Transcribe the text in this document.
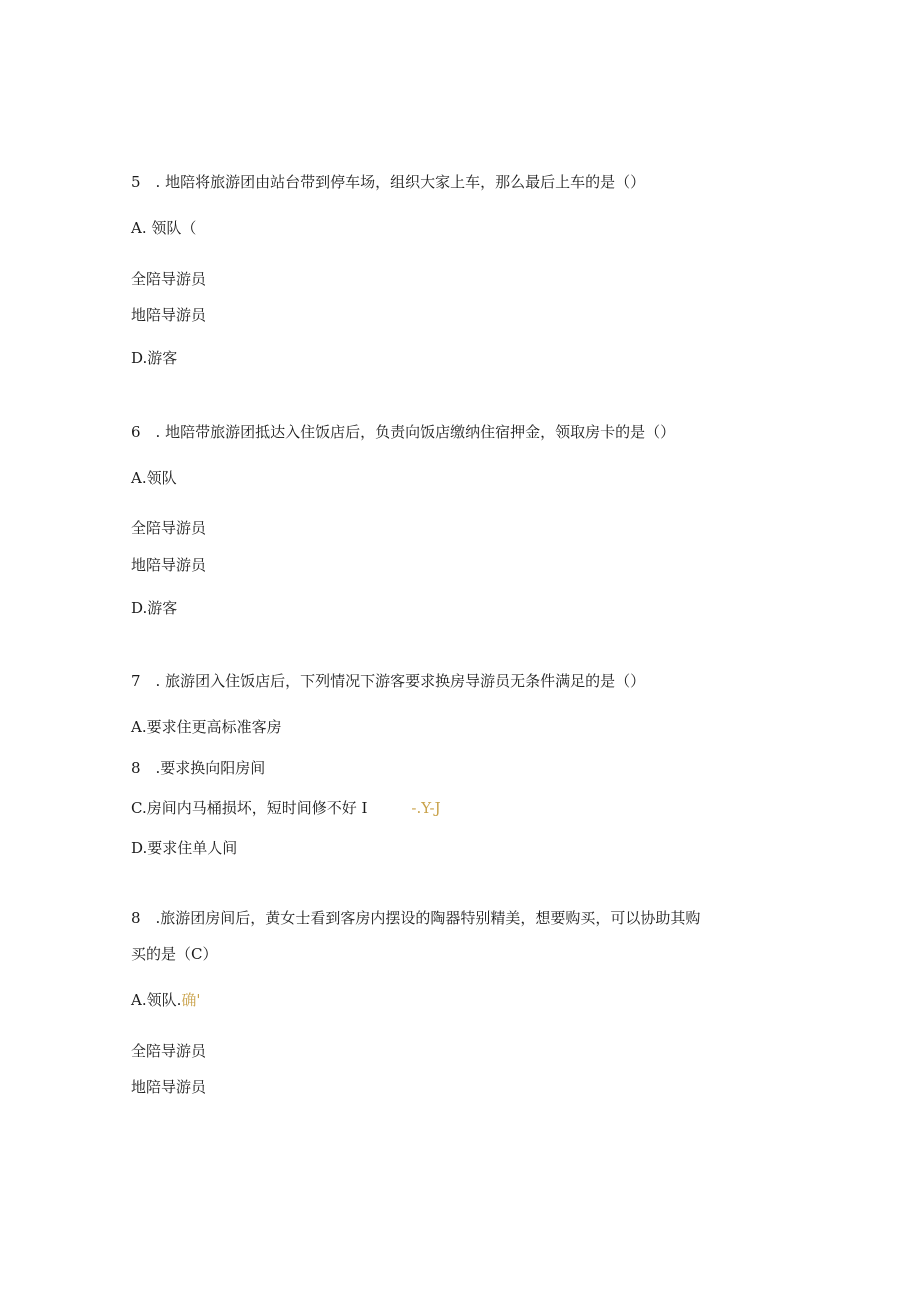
5　. 地陪将旅游团由站台带到停车场，组织大家上车，那么最后上车的是（）
A. 领队（
全陪导游员
地陪导游员
D.游客
6　. 地陪带旅游团抵达入住饭店后，负责向饭店缴纳住宿押金，领取房卡的是（）
A.领队
全陪导游员
地陪导游员
D.游客
7　. 旅游团入住饭店后，下列情况下游客要求换房导游员无条件满足的是（）
A.要求住更高标准客房
8　.要求换向阳房间
C.房间内马桶损坏，短时间修不好 I	-.Y-J
D.要求住单人间
8　.旅游团房间后，黄女士看到客房内摆设的陶器特别精美，想要购买，可以协助其购
买的是（C）
A.领队.确'
全陪导游员
地陪导游员
